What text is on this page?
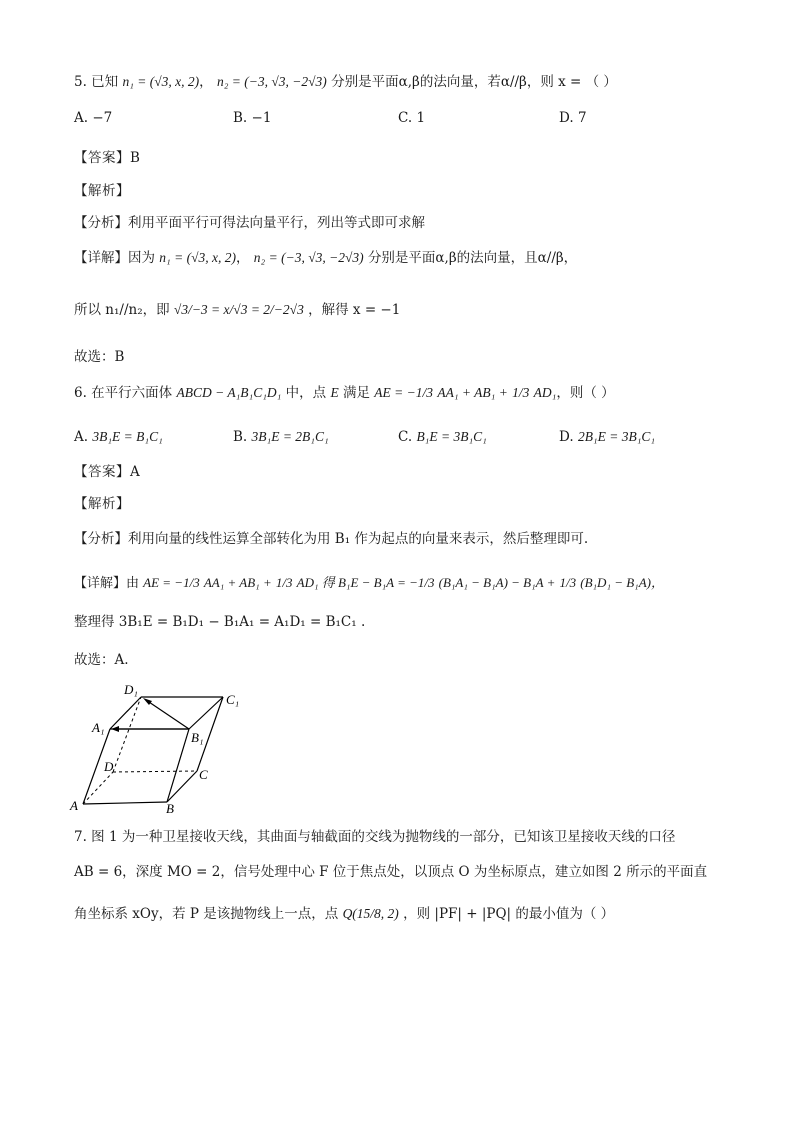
5. 已知 n₁ = (√3, x, 2)， n₂ = (−3, √3, −2√3) 分别是平面α,β的法向量，若α//β，则 x = （ ）
A. −7	B. −1	C. 1	D. 7
【答案】B
【解析】
【分析】利用平面平行可得法向量平行，列出等式即可求解
【详解】因为 n₁ = (√3, x, 2)， n₂ = (−3, √3, −2√3) 分别是平面α,β的法向量，且α//β，
所以 n₁//n₂，即 √3/−3 = x/√3 = 2/−2√3 ，解得 x = −1
故选：B
6. 在平行六面体 ABCD − A₁B₁C₁D₁ 中，点 E 满足 AE = −1/3 AA₁ + AB₁ + 1/3 AD₁，则（ ）
A. 3B₁E = B₁C₁	B. 3B₁E = 2B₁C₁	C. B₁E = 3B₁C₁	D. 2B₁E = 3B₁C₁
【答案】A
【解析】
【分析】利用向量的线性运算全部转化为用 B₁ 作为起点的向量来表示，然后整理即可.
【详解】由 AE = −1/3 AA₁ + AB₁ + 1/3 AD₁ 得 B₁E − B₁A = −1/3 (B₁A₁ − B₁A) − B₁A + 1/3 (B₁D₁ − B₁A)，
整理得 3B₁E = B₁D₁ − B₁A₁ = A₁D₁ = B₁C₁ .
故选：A.
D₁
C₁
A₁
B₁
D
C
A	B
7. 图 1 为一种卫星接收天线，其曲面与轴截面的交线为抛物线的一部分，已知该卫星接收天线的口径
AB = 6，深度 MO = 2，信号处理中心 F 位于焦点处，以顶点 O 为坐标原点，建立如图 2 所示的平面直
角坐标系 xOy，若 P 是该抛物线上一点，点 Q(15/8, 2) ，则 |PF| + |PQ| 的最小值为（ ）
